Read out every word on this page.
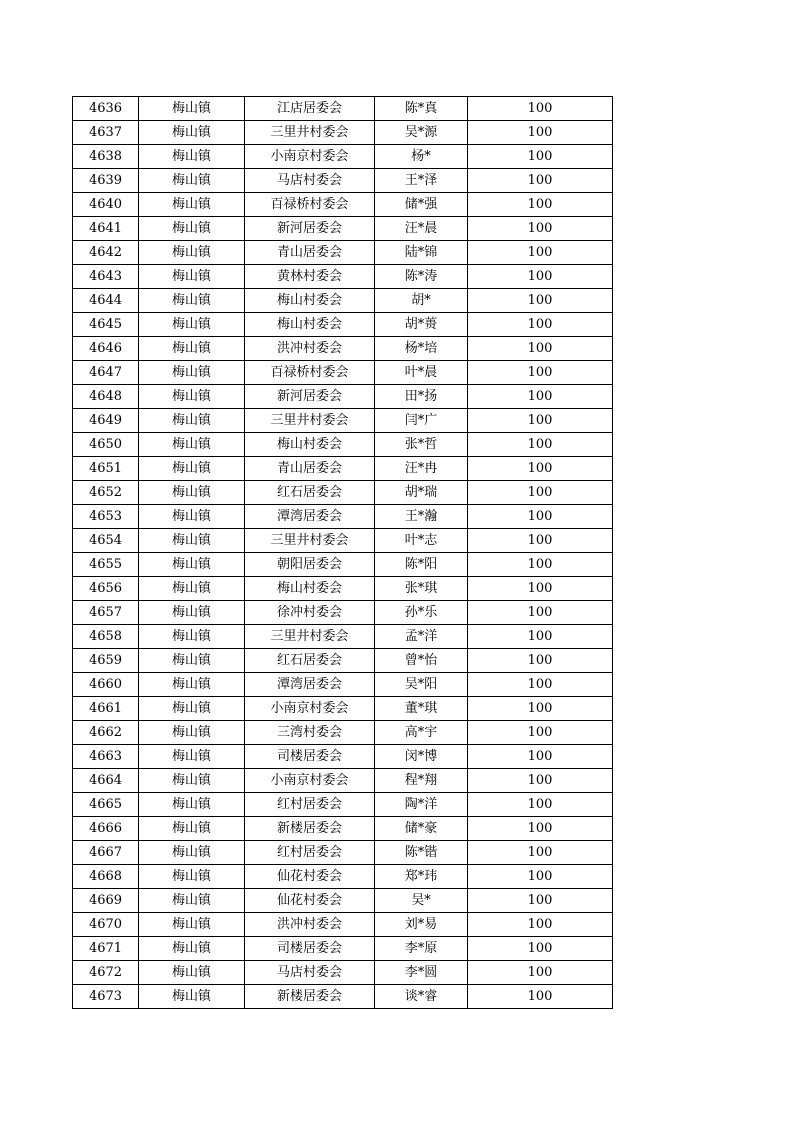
4636	梅山镇	江店居委会	陈*真	100
4637	梅山镇	三里井村委会	吴*源	100
4638	梅山镇	小南京村委会	杨*	100
4639	梅山镇	马店村委会	王*泽	100
4640	梅山镇	百禄桥村委会	储*强	100
4641	梅山镇	新河居委会	汪*晨	100
4642	梅山镇	青山居委会	陆*锦	100
4643	梅山镇	黄林村委会	陈*涛	100
4644	梅山镇	梅山村委会	胡*	100
4645	梅山镇	梅山村委会	胡*蒉	100
4646	梅山镇	洪冲村委会	杨*培	100
4647	梅山镇	百禄桥村委会	叶*晨	100
4648	梅山镇	新河居委会	田*扬	100
4649	梅山镇	三里井村委会	闫*广	100
4650	梅山镇	梅山村委会	张*哲	100
4651	梅山镇	青山居委会	汪*冉	100
4652	梅山镇	红石居委会	胡*瑞	100
4653	梅山镇	潭湾居委会	王*瀚	100
4654	梅山镇	三里井村委会	叶*志	100
4655	梅山镇	朝阳居委会	陈*阳	100
4656	梅山镇	梅山村委会	张*琪	100
4657	梅山镇	徐冲村委会	孙*乐	100
4658	梅山镇	三里井村委会	孟*洋	100
4659	梅山镇	红石居委会	曾*怡	100
4660	梅山镇	潭湾居委会	吴*阳	100
4661	梅山镇	小南京村委会	董*琪	100
4662	梅山镇	三湾村委会	高*宇	100
4663	梅山镇	司楼居委会	闵*博	100
4664	梅山镇	小南京村委会	程*翔	100
4665	梅山镇	红村居委会	陶*洋	100
4666	梅山镇	新楼居委会	储*豪	100
4667	梅山镇	红村居委会	陈*锴	100
4668	梅山镇	仙花村委会	郑*玮	100
4669	梅山镇	仙花村委会	吴*	100
4670	梅山镇	洪冲村委会	刘*易	100
4671	梅山镇	司楼居委会	李*原	100
4672	梅山镇	马店村委会	李*圆	100
4673	梅山镇	新楼居委会	谈*睿	100
